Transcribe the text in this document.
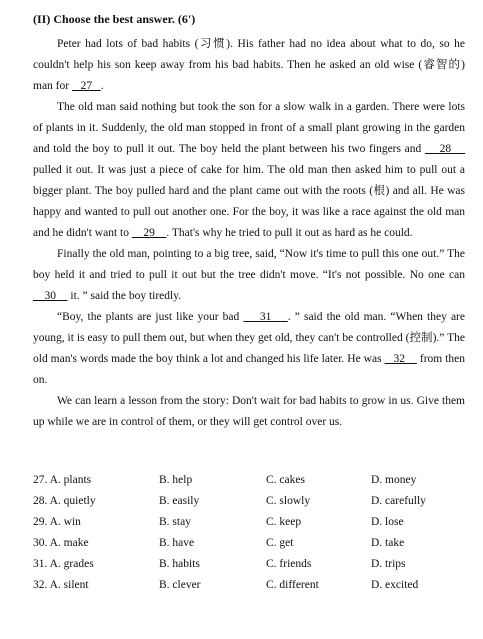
(II) Choose the best answer. (6')

Peter had lots of bad habits (习惯). His father had no idea about what to do, so he couldn't help his son keep away from his bad habits. Then he asked an old wise (睿智的) man for    27   .

The old man said nothing but took the son for a slow walk in a garden. There were lots of plants in it. Suddenly, the old man stopped in front of a small plant growing in the garden and told the boy to pull it out. The boy held the plant between his two fingers and     28     pulled it out. It was just a piece of cake for him. The old man then asked him to pull out a bigger plant. The boy pulled hard and the plant came out with the roots (根) and all. He was happy and wanted to pull out another one. For the boy, it was like a race against the old man and he didn't want to     29    . That's why he tried to pull it out as hard as he could.

Finally the old man, pointing to a big tree, said, “Now it's time to pull this one out.” The boy held it and tried to pull it out but the tree didn't move. “It's not possible. No one can     30     it. ” said the boy tiredly.

“Boy, the plants are just like your bad     31    . ” said the old man. “When they are young, it is easy to pull them out, but when they get old, they can't be controlled (控制).” The old man's words made the boy think a lot and changed his life later. He was    32     from then on.

We can learn a lesson from the story: Don't wait for bad habits to grow in us. Give them up while we are in control of them, or they will get control over us.

27. A. plants	B. help	C. cakes	D. money
28. A. quietly	B. easily	C. slowly	D. carefully
29. A. win	B. stay	C. keep	D. lose
30. A. make	B. have	C. get	D. take
31. A. grades	B. habits	C. friends	D. trips
32. A. silent	B. clever	C. different	D. excited
